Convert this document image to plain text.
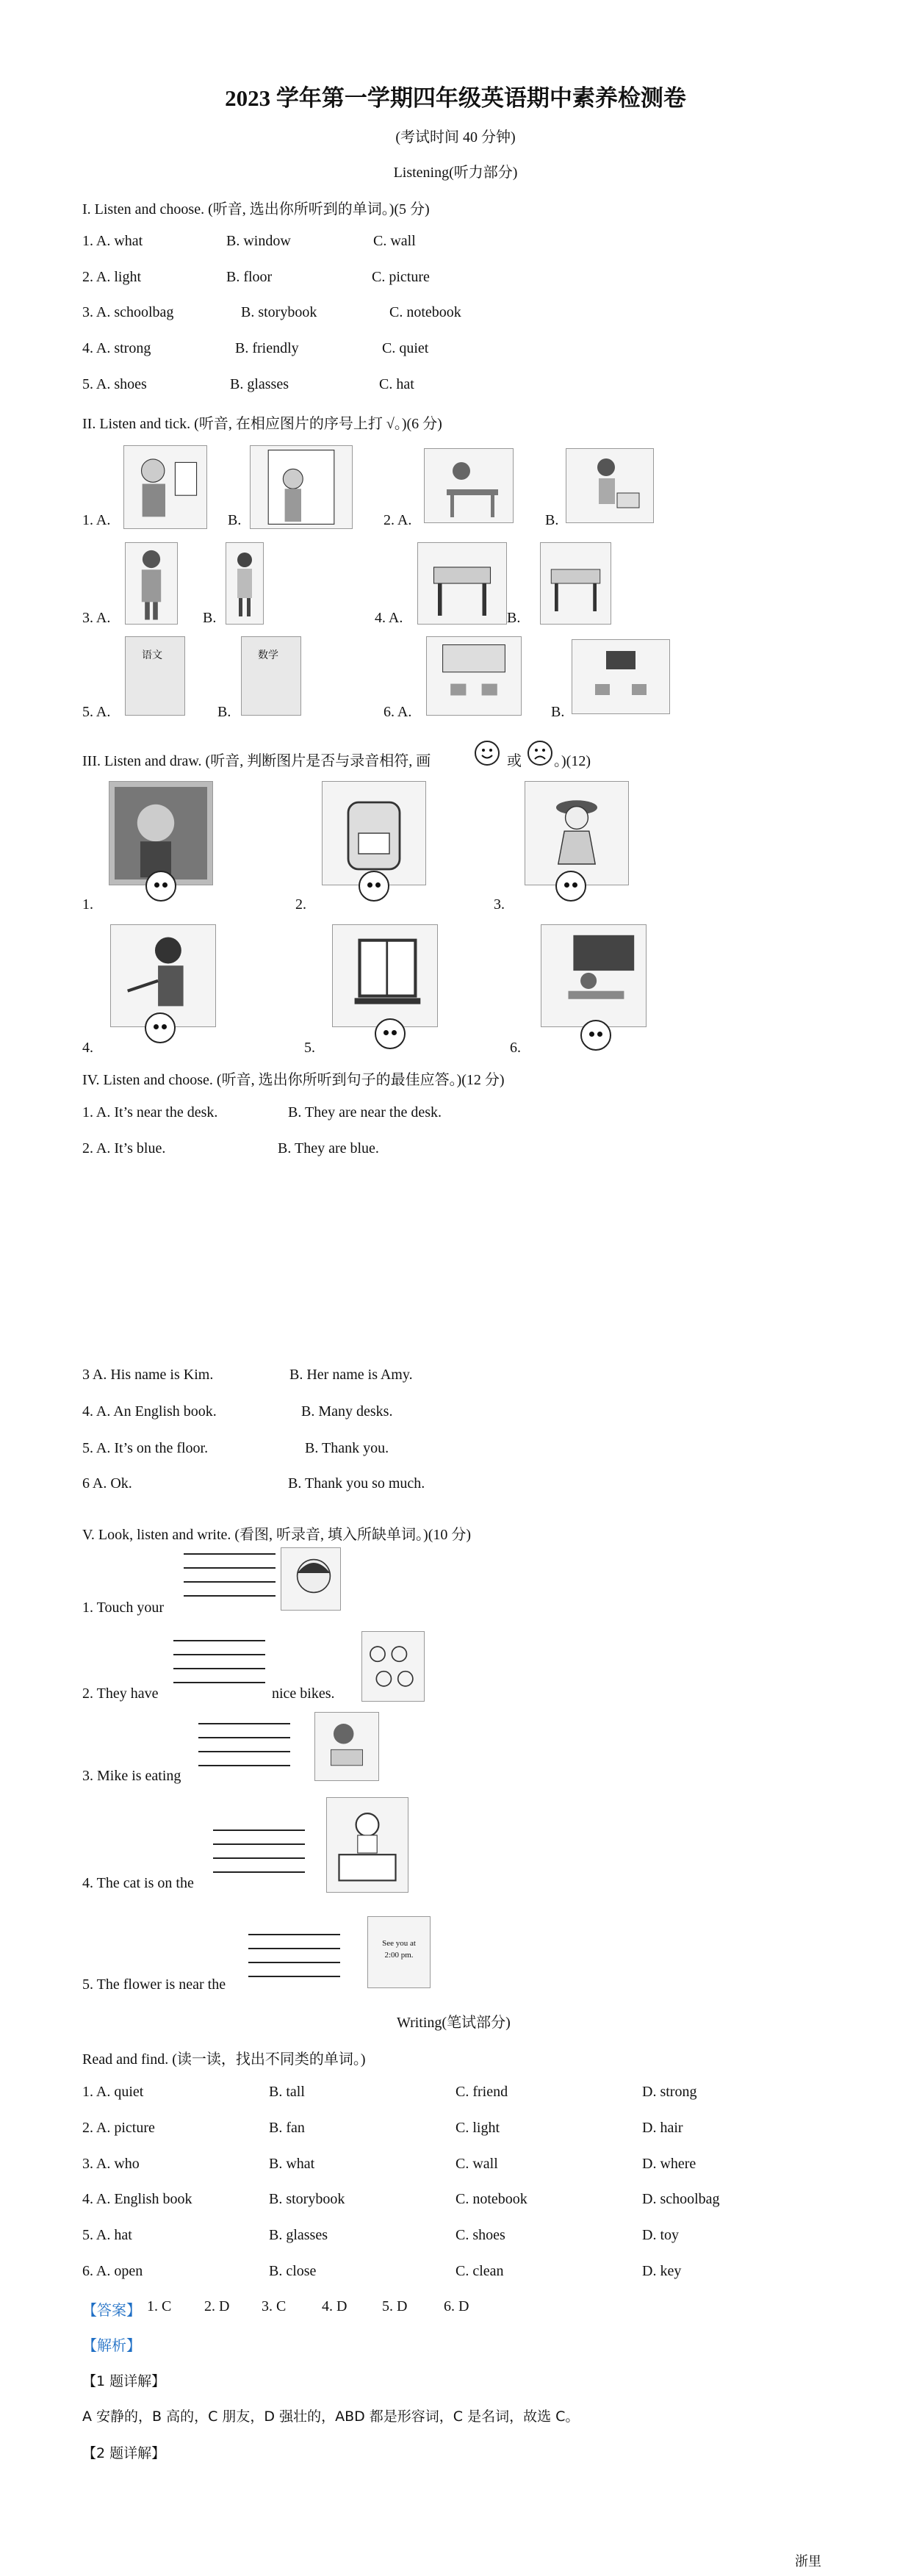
2023 学年第一学期四年级英语期中素养检测卷
(考试时间 40 分钟)
Listening(听力部分)
I. Listen and choose. (听音, 选出你所听到的单词。)(5 分)
1. A. what	B. window	C. wall
2. A. light	B. floor	C. picture
3. A. schoolbag	B. storybook	C. notebook
4. A. strong	B. friendly	C. quiet
5. A. shoes	B. glasses	C. hat
II. Listen and tick. (听音, 在相应图片的序号上打 √。)(6 分)
1. A.	B.	2. A.	B.
3. A.	B.	4. A.	B.
5. A.
语文
B.
数学
6. A.	B.
III. Listen and draw. (听音, 判断图片是否与录音相符, 画	或 。)(12)
1.	2.	3.
4.	5.	6.
IV. Listen and choose. (听音, 选出你所听到句子的最佳应答。)(12 分)
1. A. It’s near the desk.	B. They are near the desk.
2. A. It’s blue.	B. They are blue.
3 A. His name is Kim.	B. Her name is Amy.
4. A. An English book.	B. Many desks.
5. A. It’s on the floor.	B. Thank you.
6 A. Ok.	B. Thank you so much.
V. Look, listen and write. (看图, 听录音, 填入所缺单词。)(10 分)
1. Touch your
2. They have	nice bikes.
3. Mike is eating
4. The cat is on the
5. The flower is near the
See you at 2:00 pm.
Writing(笔试部分)
Read and find. (读一读，找出不同类的单词。)
1. A. quiet	B. tall	C. friend	D. strong
2. A. picture	B. fan	C. light	D. hair
3. A. who	B. what	C. wall	D. where
4. A. English book	B. storybook	C. notebook	D. schoolbag
5. A. hat	B. glasses	C. shoes	D. toy
6. A. open	B. close	C. clean	D. key
【答案】 1. C 2. D 3. C 4. D 5. D 6. D
【解析】
【1 题详解】
A 安静的，B 高的，C 朋友，D 强壮的，ABD 都是形容词，C 是名词，故选 C。
【2 题详解】
浙里
